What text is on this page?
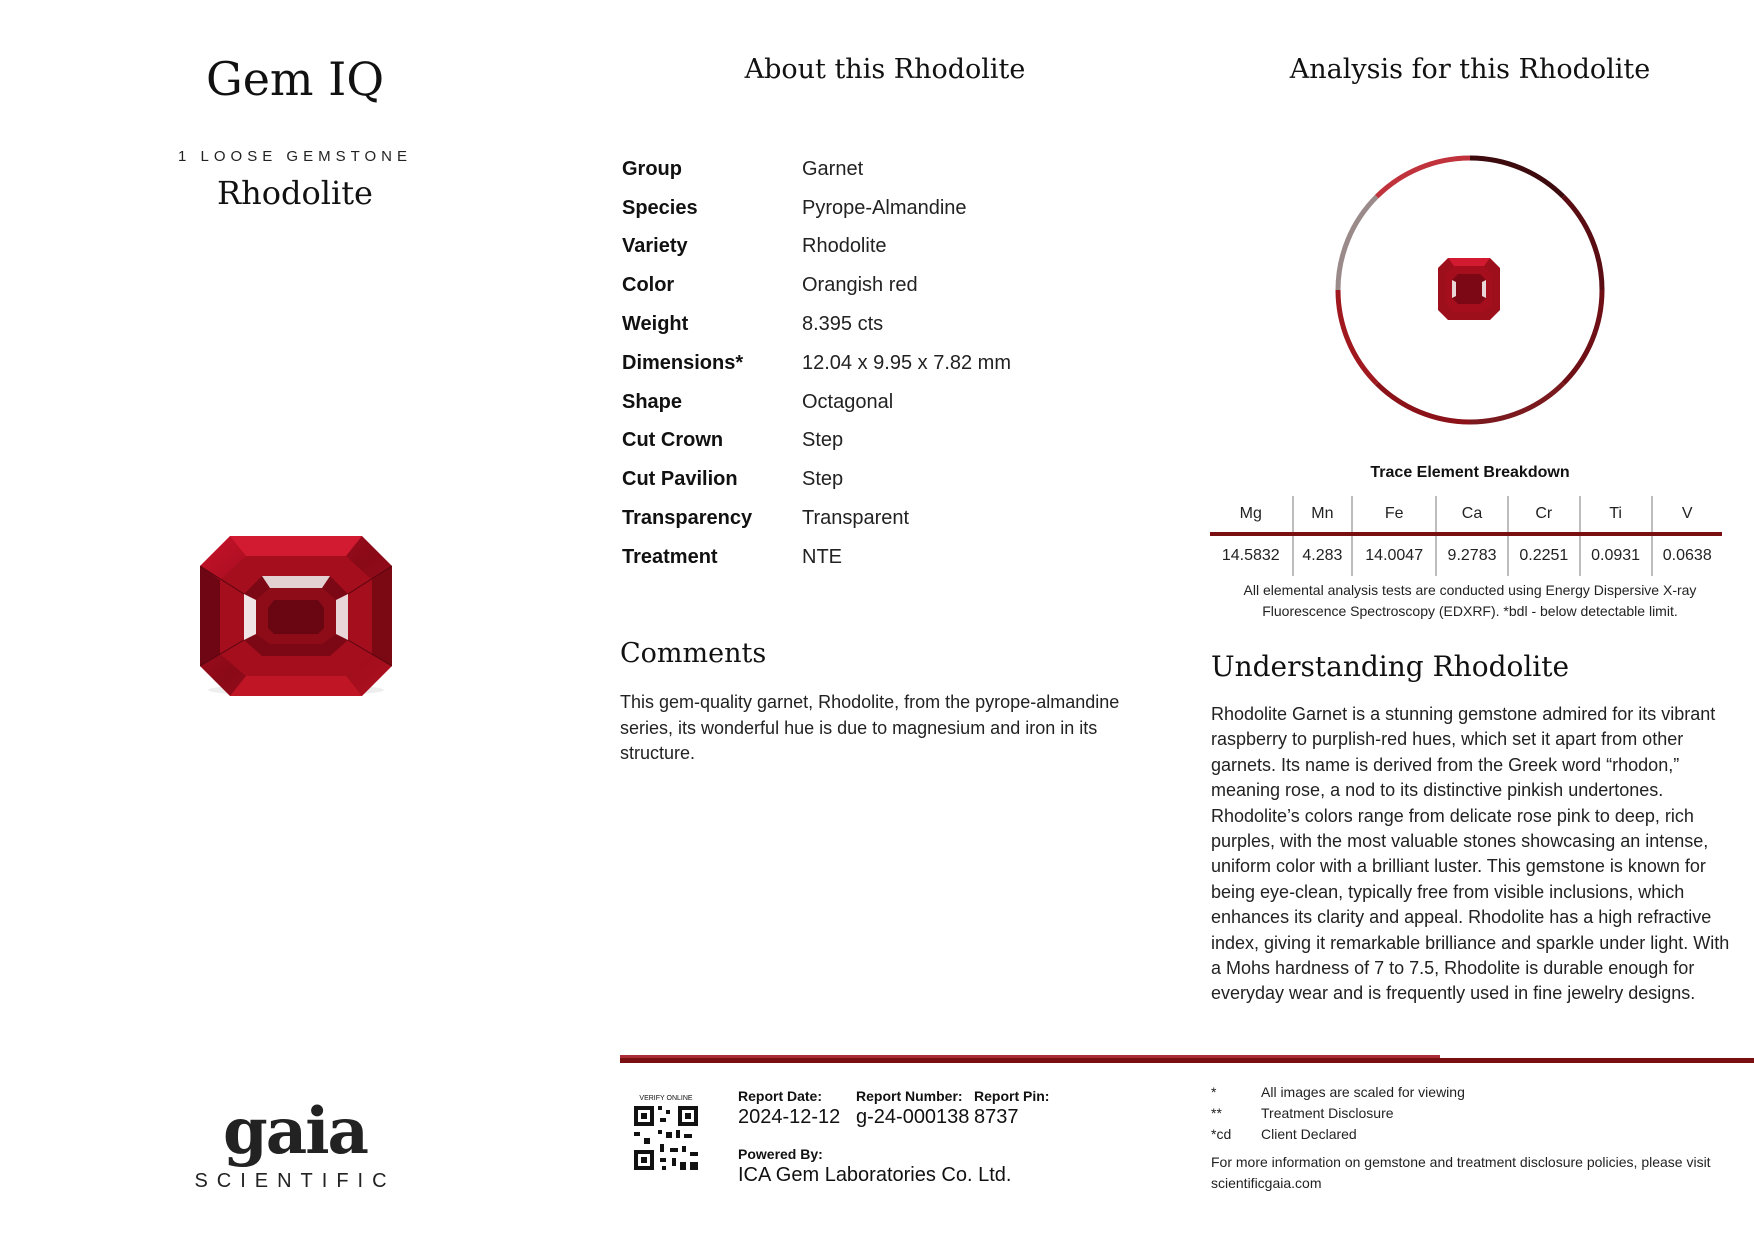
Gem IQ
1 LOOSE GEMSTONE
Rhodolite
gaia
SCIENTIFIC
About this Rhodolite
Group	Garnet
Species	Pyrope-Almandine
Variety	Rhodolite
Color	Orangish red
Weight	8.395 cts
Dimensions*	12.04 x 9.95 x 7.82 mm
Shape	Octagonal
Cut Crown	Step
Cut Pavilion	Step
Transparency	Transparent
Treatment	NTE
Comments
This gem-quality garnet, Rhodolite, from the pyrope-almandine series, its wonderful hue is due to magnesium and iron in its structure.
Analysis for this Rhodolite
Trace Element Breakdown
Mg	Mn	Fe	Ca	Cr	Ti	V
14.5832	4.283	14.0047	9.2783	0.2251	0.0931	0.0638
All elemental analysis tests are conducted using Energy Dispersive X-ray Fluorescence Spectroscopy (EDXRF). *bdl - below detectable limit.
Understanding Rhodolite
Rhodolite Garnet is a stunning gemstone admired for its vibrant raspberry to purplish-red hues, which set it apart from other garnets. Its name is derived from the Greek word “rhodon,” meaning rose, a nod to its distinctive pinkish undertones. Rhodolite’s colors range from delicate rose pink to deep, rich purples, with the most valuable stones showcasing an intense, uniform color with a brilliant luster. This gemstone is known for being eye-clean, typically free from visible inclusions, which enhances its clarity and appeal. Rhodolite has a high refractive index, giving it remarkable brilliance and sparkle under light. With a Mohs hardness of 7 to 7.5, Rhodolite is durable enough for everyday wear and is frequently used in fine jewelry designs.
VERIFY ONLINE	Report Date:
2024-12-12
Report Number:
g-24-000138
Report Pin:
8737
Powered By:
ICA Gem Laboratories Co. Ltd.
*	All images are scaled for viewing
**	Treatment Disclosure
*cd	Client Declared
For more information on gemstone and treatment disclosure policies, please visit scientificgaia.com
